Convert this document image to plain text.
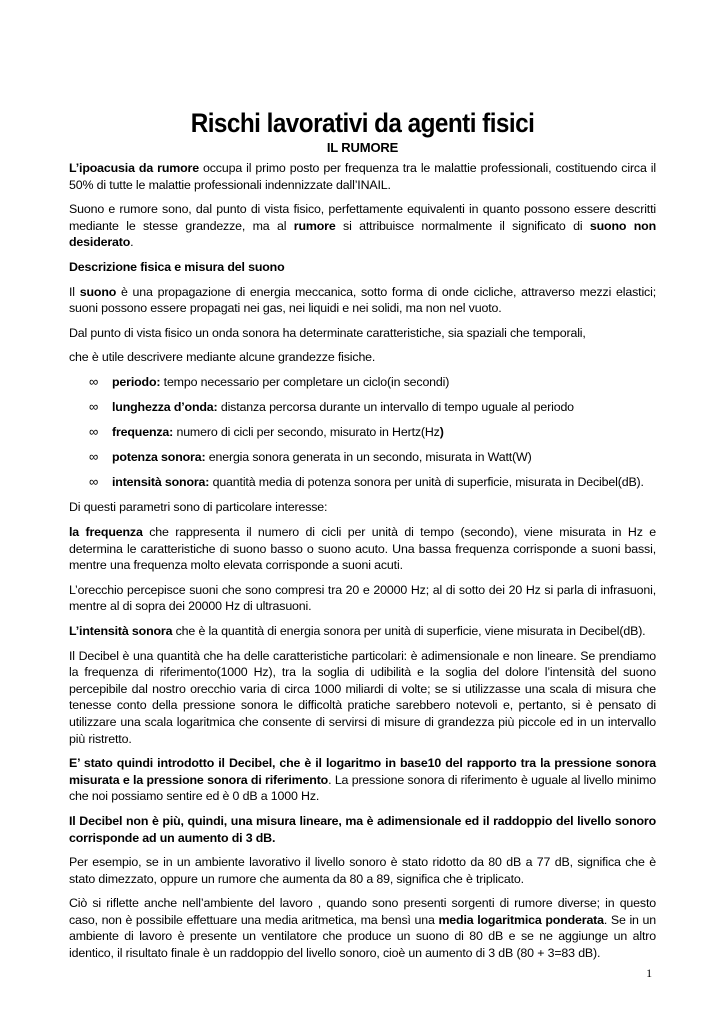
Rischi lavorativi da agenti fisici
IL RUMORE

L’ipoacusia da rumore occupa il primo posto per frequenza tra le malattie professionali, costituendo circa il 50% di tutte le malattie professionali indennizzate dall’INAIL.

Suono e rumore sono, dal punto di vista fisico, perfettamente equivalenti in quanto possono essere descritti mediante le stesse grandezze, ma al rumore si attribuisce normalmente il significato di suono non desiderato.

Descrizione fisica e misura del suono

Il suono è una propagazione di energia meccanica, sotto forma di onde cicliche, attraverso mezzi elastici; suoni possono essere propagati nei gas, nei liquidi e nei solidi, ma non nel vuoto.

Dal punto di vista fisico un onda sonora ha determinate caratteristiche, sia spaziali che temporali,

che è utile descrivere mediante alcune grandezze fisiche.

∞	periodo: tempo necessario per completare un ciclo(in secondi)
∞	lunghezza d’onda: distanza percorsa durante un intervallo di tempo uguale al periodo
∞	frequenza: numero di cicli per secondo, misurato in Hertz(Hz)
∞	potenza sonora: energia sonora generata in un secondo, misurata in Watt(W)
∞	intensità sonora: quantità media di potenza sonora per unità di superficie, misurata in Decibel(dB).

Di questi parametri sono di particolare interesse:

la frequenza che rappresenta il numero di cicli per unità di tempo (secondo), viene misurata in Hz e determina le caratteristiche di suono basso o suono acuto. Una bassa frequenza corrisponde a suoni bassi, mentre una frequenza molto elevata corrisponde a suoni acuti.

L’orecchio percepisce suoni che sono compresi tra 20 e 20000 Hz; al di sotto dei 20 Hz si parla di infrasuoni, mentre al di sopra dei 20000 Hz di ultrasuoni.

L’intensità sonora che è la quantità di energia sonora per unità di superficie, viene misurata in Decibel(dB).

Il Decibel è una quantità che ha delle caratteristiche particolari: è adimensionale e non lineare. Se prendiamo la frequenza di riferimento(1000 Hz), tra la soglia di udibilità e la soglia del dolore l’intensità del suono percepibile dal nostro orecchio varia di circa 1000 miliardi di volte; se si utilizzasse una scala di misura che tenesse conto della pressione sonora le difficoltà pratiche sarebbero notevoli e, pertanto, si è pensato di utilizzare una scala logaritmica che consente di servirsi di misure di grandezza più piccole ed in un intervallo più ristretto.

E’ stato quindi introdotto il Decibel, che è il logaritmo in base10 del rapporto tra la pressione sonora misurata e la pressione sonora di riferimento. La pressione sonora di riferimento è uguale al livello minimo che noi possiamo sentire ed è 0 dB a 1000 Hz.

Il Decibel non è più, quindi, una misura lineare, ma è adimensionale ed il raddoppio del livello sonoro corrisponde ad un aumento di 3 dB.

Per esempio, se in un ambiente lavorativo il livello sonoro è stato ridotto da 80 dB a 77 dB, significa che è stato dimezzato, oppure un rumore che aumenta da 80 a 89, significa che è triplicato.

Ciò si riflette anche nell’ambiente del lavoro , quando sono presenti sorgenti di rumore diverse; in questo caso, non è possibile effettuare una media aritmetica, ma bensì una media logaritmica ponderata. Se in un ambiente di lavoro è presente un ventilatore che produce un suono di 80 dB e se ne aggiunge un altro identico, il risultato finale è un raddoppio del livello sonoro, cioè un aumento di 3 dB (80 + 3=83 dB).

1
